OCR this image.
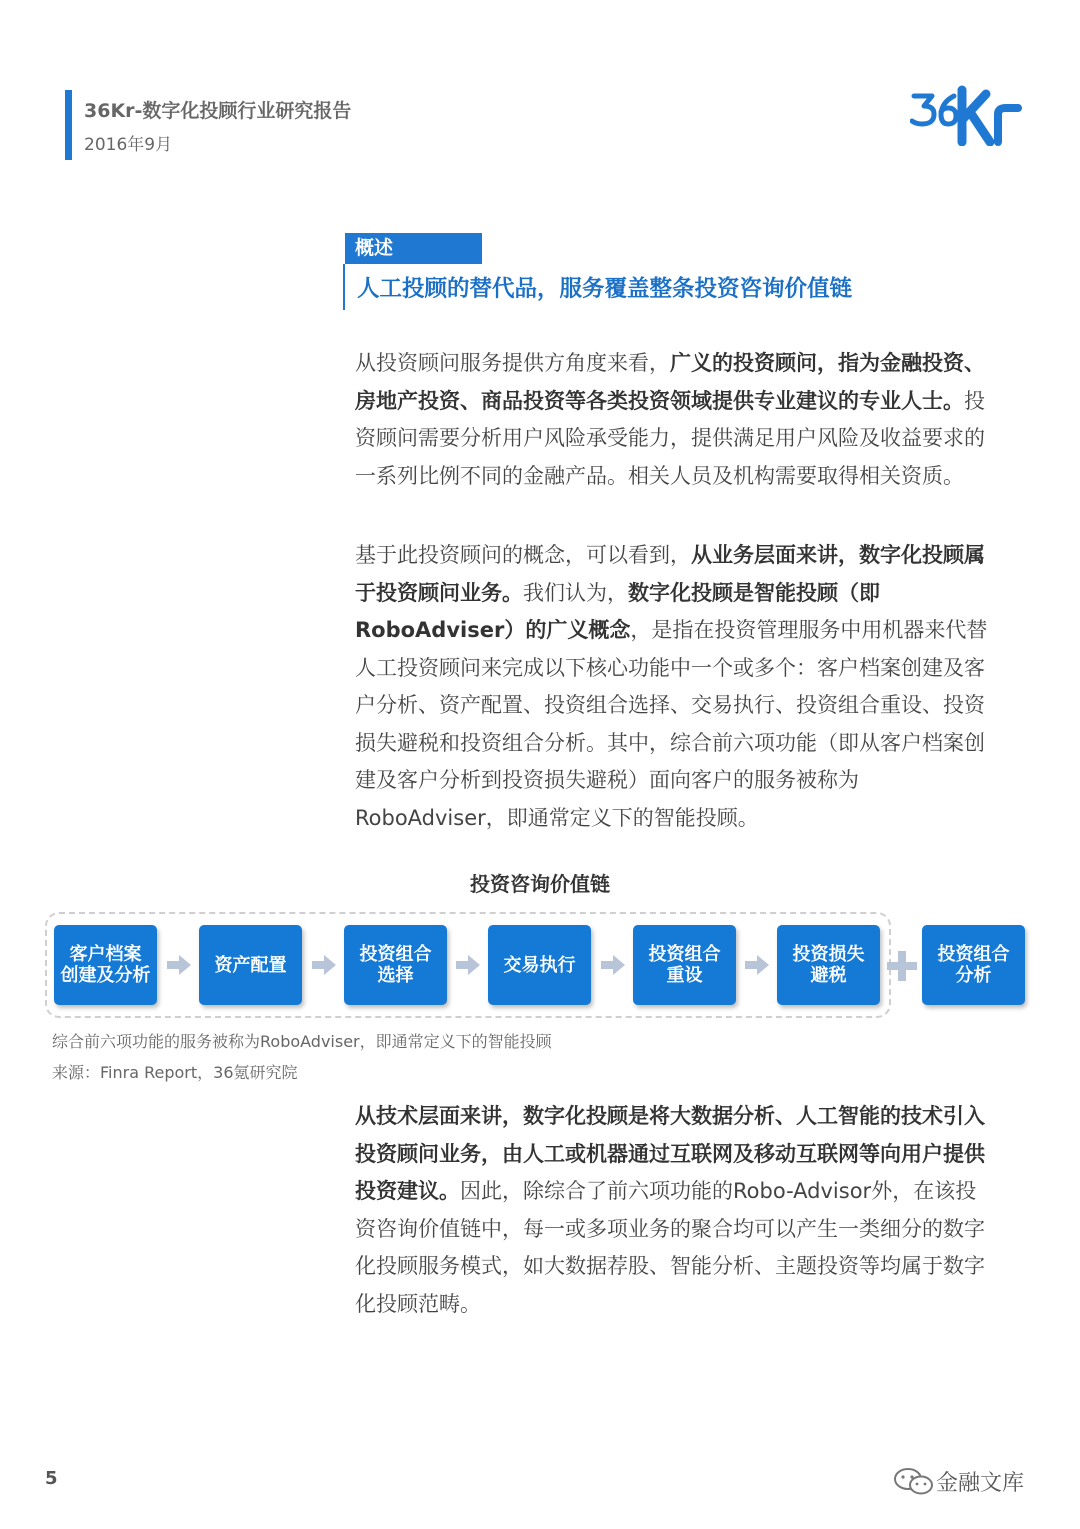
36Kr-数字化投顾行业研究报告
2016年9月
概述
人工投顾的替代品，服务覆盖整条投资咨询价值链

从投资顾问服务提供方角度来看，广义的投资顾问，指为金融投资、房地产投资、商品投资等各类投资领域提供专业建议的专业人士。投资顾问需要分析用户风险承受能力，提供满足用户风险及收益要求的一系列比例不同的金融产品。相关人员及机构需要取得相关资质。

基于此投资顾问的概念，可以看到，从业务层面来讲，数字化投顾属于投资顾问业务。我们认为，数字化投顾是智能投顾（即RoboAdviser）的广义概念，是指在投资管理服务中用机器来代替人工投资顾问来完成以下核心功能中一个或多个：客户档案创建及客户分析、资产配置、投资组合选择、交易执行、投资组合重设、投资损失避税和投资组合分析。其中，综合前六项功能（即从客户档案创建及客户分析到投资损失避税）面向客户的服务被称为RoboAdviser，即通常定义下的智能投顾。

投资咨询价值链
客户档案
创建及分析	资产配置	投资组合
选择	交易执行	投资组合
重设
投资损失
避税
投资组合
分析
综合前六项功能的服务被称为RoboAdviser，即通常定义下的智能投顾
来源：Finra Report，36氪研究院

从技术层面来讲，数字化投顾是将大数据分析、人工智能的技术引入投资顾问业务，由人工或机器通过互联网及移动互联网等向用户提供投资建议。因此，除综合了前六项功能的Robo-Advisor外，在该投资咨询价值链中，每一或多项业务的聚合均可以产生一类细分的数字化投顾服务模式，如大数据荐股、智能分析、主题投资等均属于数字化投顾范畴。

5	金融文库
